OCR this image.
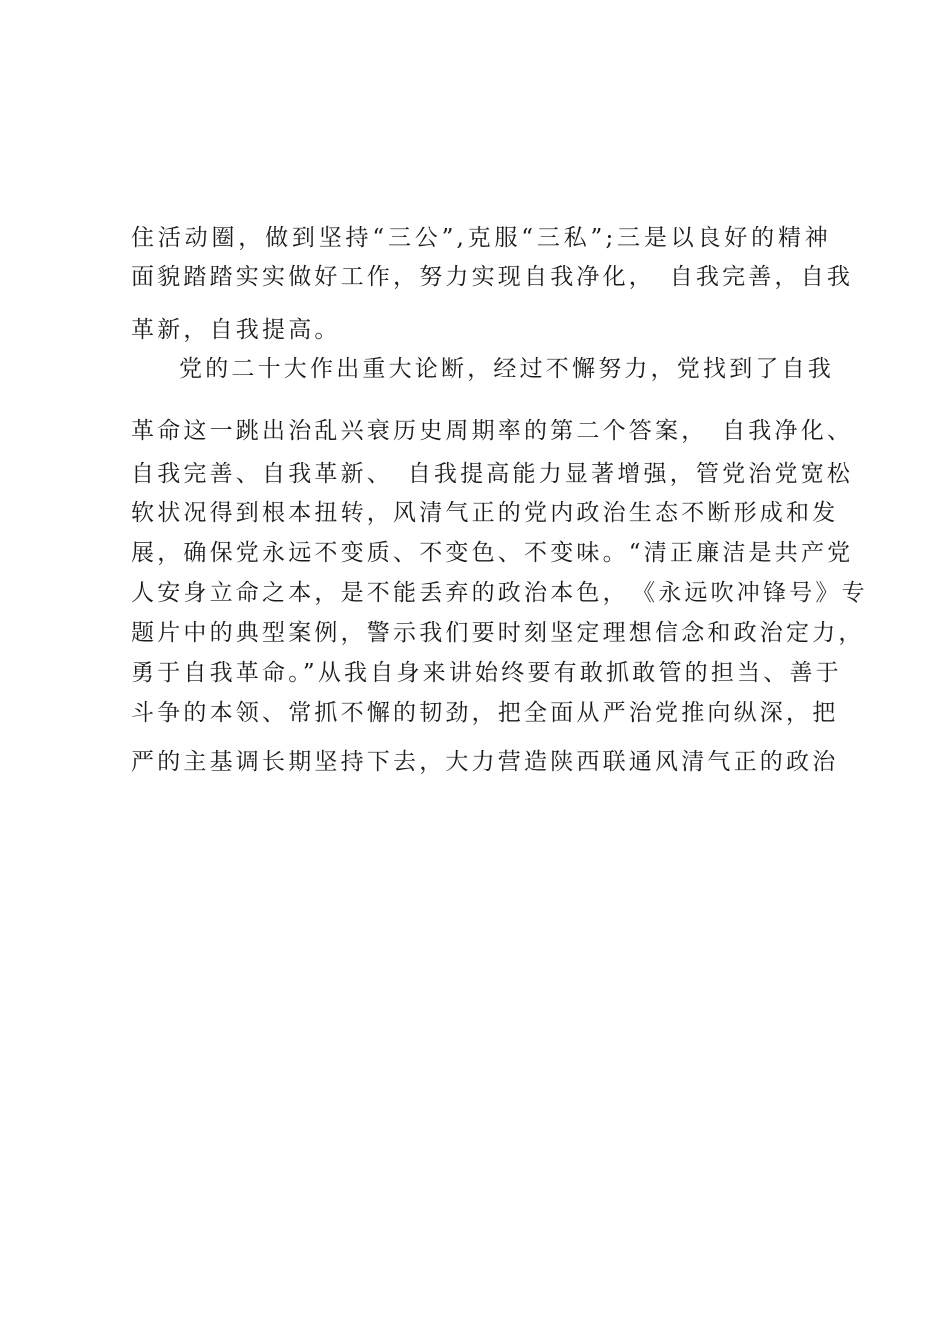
住活动圈，做到坚持“三公”,克服“三私”;三是以良好的精神
面貌踏踏实实做好工作，努力实现自我净化，　自我完善，自我
革新，自我提高。
党的二十大作出重大论断，经过不懈努力，党找到了自我
革命这一跳出治乱兴衰历史周期率的第二个答案，　自我净化、
自我完善、自我革新、　自我提高能力显著增强，管党治党宽松
软状况得到根本扭转，风清气正的党内政治生态不断形成和发
展，确保党永远不变质、不变色、不变味。“清正廉洁是共产党
人安身立命之本，是不能丢弃的政治本色，　《永远吹冲锋号》专
题片中的典型案例，警示我们要时刻坚定理想信念和政治定力，
勇于自我革命。”从我自身来讲始终要有敢抓敢管的担当、善于
斗争的本领、常抓不懈的韧劲，把全面从严治党推向纵深，把
严的主基调长期坚持下去，大力营造陕西联通风清气正的政治
